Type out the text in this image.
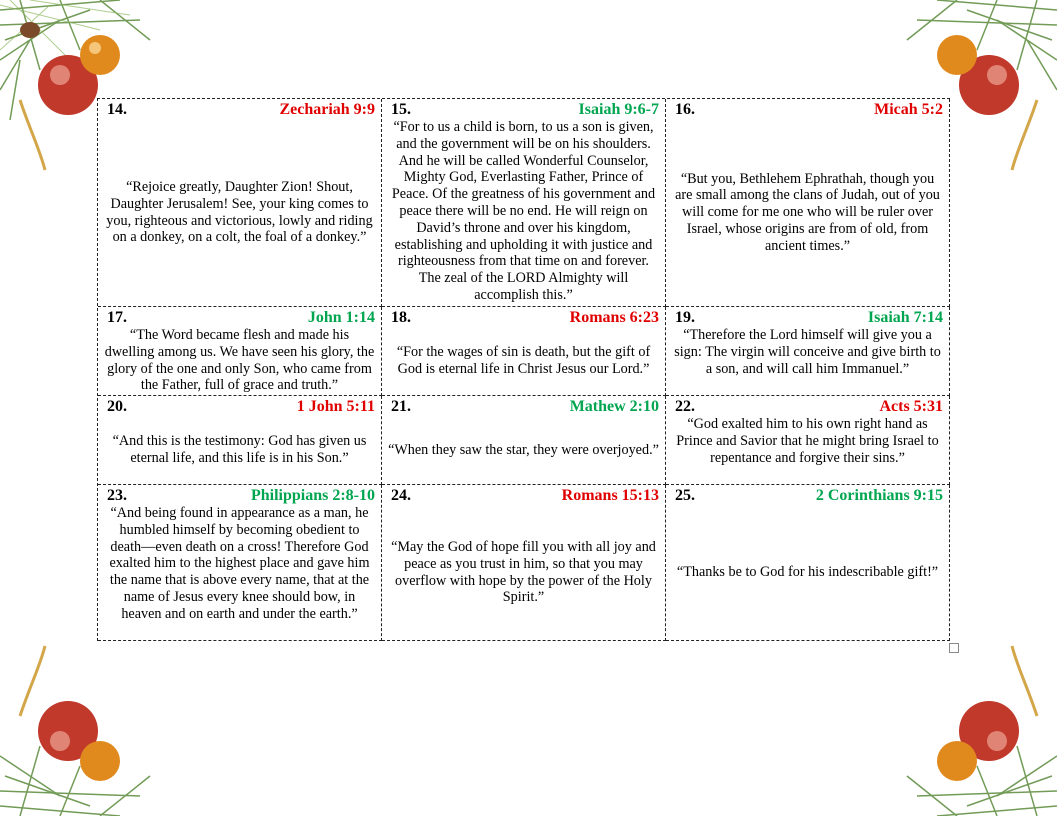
14.	Zechariah 9:9
“Rejoice greatly, Daughter Zion! Shout, Daughter Jerusalem! See, your king comes to you, righteous and victorious, lowly and riding on a donkey, on a colt, the foal of a donkey.”
15.	Isaiah 9:6-7
“For to us a child is born, to us a son is given, and the government will be on his shoulders. And he will be called Wonderful Counselor, Mighty God, Everlasting Father, Prince of Peace. Of the greatness of his government and peace there will be no end. He will reign on David’s throne and over his kingdom, establishing and upholding it with justice and righteousness from that time on and forever. The zeal of the LORD Almighty will accomplish this.”
16.	Micah 5:2
“But you, Bethlehem Ephrathah, though you are small among the clans of Judah, out of you will come for me one who will be ruler over Israel, whose origins are from of old, from ancient times.”
17.	John 1:14
“The Word became flesh and made his dwelling among us. We have seen his glory, the glory of the one and only Son, who came from the Father, full of grace and truth.”
18.	Romans 6:23
“For the wages of sin is death, but the gift of God is eternal life in Christ Jesus our Lord.”
19.	Isaiah 7:14
“Therefore the Lord himself will give you a sign: The virgin will conceive and give birth to a son, and will call him Immanuel.”
20.	1 John 5:11
“And this is the testimony: God has given us eternal life, and this life is in his Son.”
21.	Mathew 2:10
“When they saw the star, they were overjoyed.”
22.	Acts 5:31
“God exalted him to his own right hand as Prince and Savior that he might bring Israel to repentance and forgive their sins.”
23.	Philippians 2:8-10
“And being found in appearance as a man, he humbled himself by becoming obedient to death—even death on a cross! Therefore God exalted him to the highest place and gave him the name that is above every name, that at the name of Jesus every knee should bow, in heaven and on earth and under the earth.”
24.	Romans 15:13
“May the God of hope fill you with all joy and peace as you trust in him, so that you may overflow with hope by the power of the Holy Spirit.”
25.	2 Corinthians 9:15
“Thanks be to God for his indescribable gift!”
